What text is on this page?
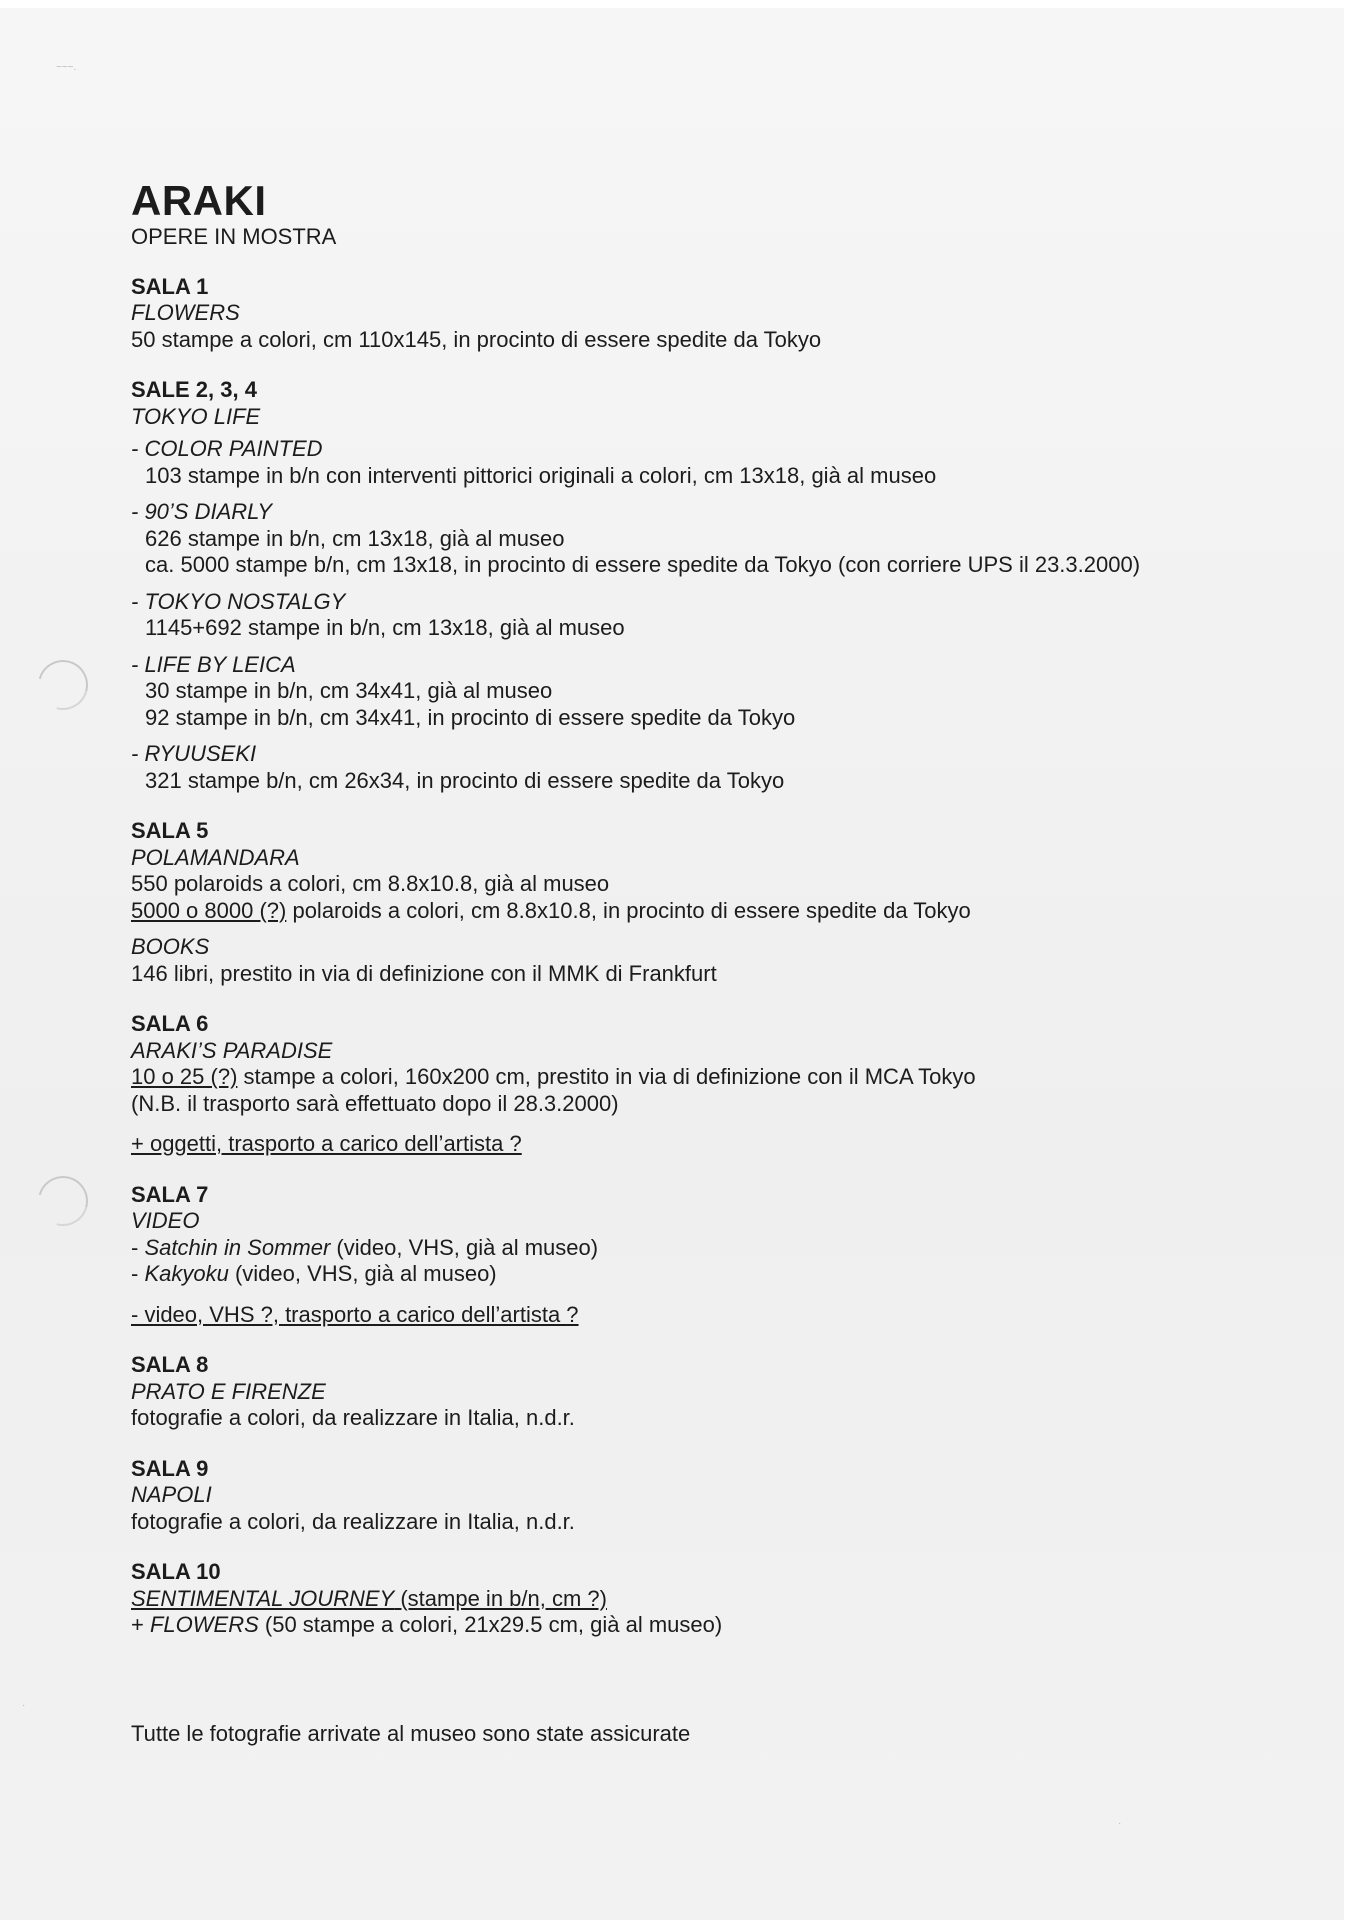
~~~.
·
·
ARAKI
OPERE IN MOSTRA
SALA 1
FLOWERS
50 stampe a colori, cm 110x145, in procinto di essere spedite da Tokyo
SALE 2, 3, 4
TOKYO LIFE
- COLOR PAINTED
103 stampe in b/n con interventi pittorici originali a colori, cm 13x18, già al museo
- 90’S DIARLY
626 stampe in b/n, cm 13x18, già al museo
ca. 5000 stampe b/n, cm 13x18, in procinto di essere spedite da Tokyo (con corriere UPS il 23.3.2000)
- TOKYO NOSTALGY
1145+692 stampe in b/n, cm 13x18, già al museo
- LIFE BY LEICA
30 stampe in b/n, cm 34x41, già al museo
92 stampe in b/n, cm 34x41, in procinto di essere spedite da Tokyo
- RYUUSEKI
321 stampe b/n, cm 26x34, in procinto di essere spedite da Tokyo
SALA 5
POLAMANDARA
550 polaroids a colori, cm 8.8x10.8, già al museo
5000 o 8000 (?) polaroids a colori, cm 8.8x10.8, in procinto di essere spedite da Tokyo
BOOKS
146 libri, prestito in via di definizione con il MMK di Frankfurt
SALA 6
ARAKI’S PARADISE
10 o 25 (?) stampe a colori, 160x200 cm, prestito in via di definizione con il MCA Tokyo
(N.B. il trasporto sarà effettuato dopo il 28.3.2000)
+ oggetti, trasporto a carico dell’artista ?
SALA 7
VIDEO
- Satchin in Sommer (video, VHS, già al museo)
- Kakyoku (video, VHS, già al museo)
- video, VHS ?, trasporto a carico dell’artista ?
SALA 8
PRATO E FIRENZE
fotografie a colori, da realizzare in Italia, n.d.r.
SALA 9
NAPOLI
fotografie a colori, da realizzare in Italia, n.d.r.
SALA 10
SENTIMENTAL JOURNEY (stampe in b/n, cm ?)
+ FLOWERS (50 stampe a colori, 21x29.5 cm, già al museo)
Tutte le fotografie arrivate al museo sono state assicurate
